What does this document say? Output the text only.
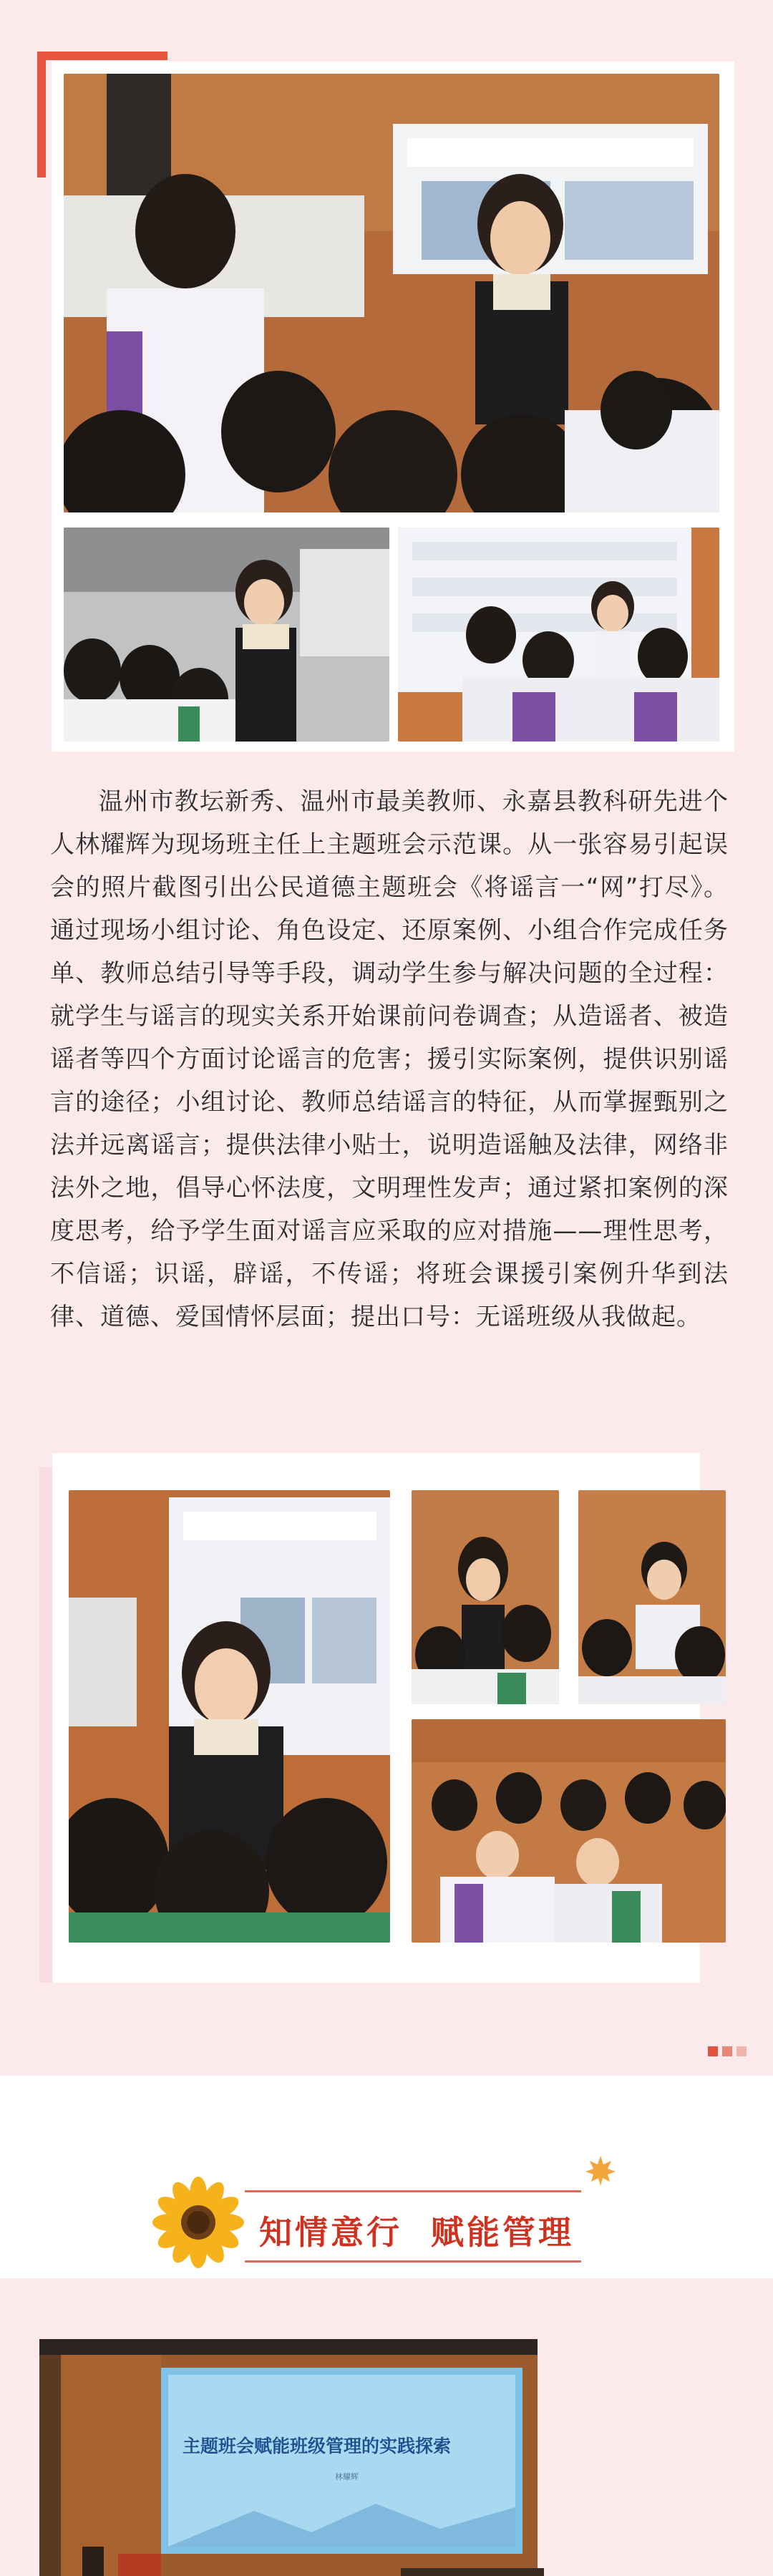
温州市教坛新秀、温州市最美教师、永嘉县教科研先进个人林耀辉为现场班主任上主题班会示范课。从一张容易引起误会的照片截图引出公民道德主题班会《将谣言一“网”打尽》。通过现场小组讨论、角色设定、还原案例、小组合作完成任务单、教师总结引导等手段，调动学生参与解决问题的全过程：就学生与谣言的现实关系开始课前问卷调查；从造谣者、被造谣者等四个方面讨论谣言的危害；援引实际案例，提供识别谣言的途径；小组讨论、教师总结谣言的特征，从而掌握甄别之法并远离谣言；提供法律小贴士，说明造谣触及法律，网络非法外之地，倡导心怀法度，文明理性发声；通过紧扣案例的深度思考，给予学生面对谣言应采取的应对措施——理性思考，不信谣；识谣，辟谣，不传谣；将班会课援引案例升华到法律、道德、爱国情怀层面；提出口号：无谣班级从我做起。

知情意行  赋能管理

主题班会赋能班级管理的实践探索
林耀辉
